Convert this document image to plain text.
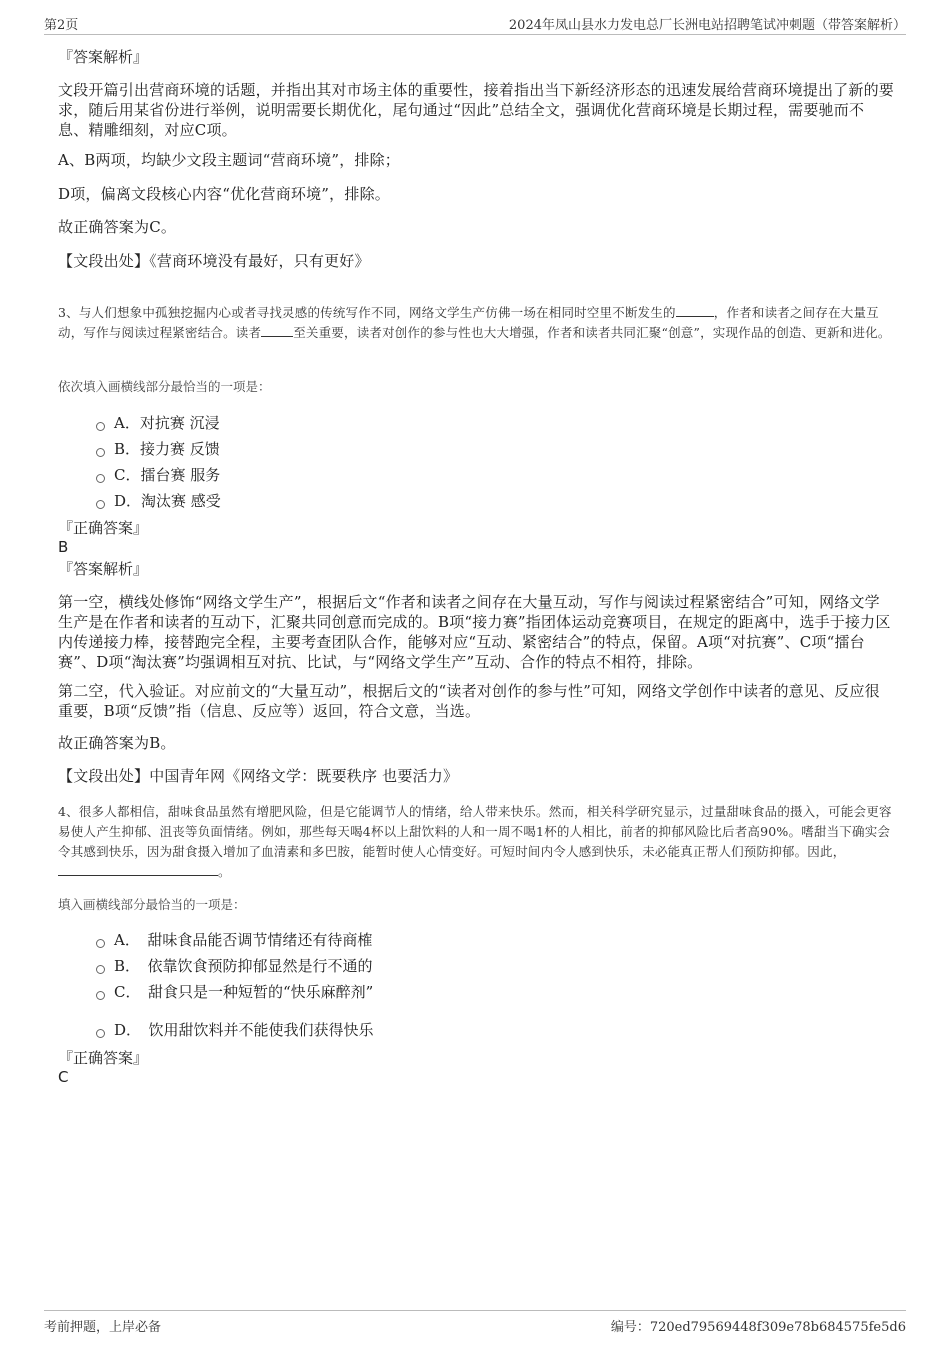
第2页	2024年凤山县水力发电总厂长洲电站招聘笔试冲刺题（带答案解析）
『答案解析』
文段开篇引出营商环境的话题，并指出其对市场主体的重要性，接着指出当下新经济形态的迅速发展给营商环境提出了新的要求，随后用某省份进行举例，说明需要长期优化，尾句通过“因此”总结全文，强调优化营商环境是长期过程，需要驰而不息、精雕细刻，对应C项。
A、B两项，均缺少文段主题词“营商环境”，排除；
D项，偏离文段核心内容“优化营商环境”，排除。
故正确答案为C。
【文段出处】《营商环境没有最好，只有更好》
3、与人们想象中孤独挖掘内心或者寻找灵感的传统写作不同，网络文学生产仿佛一场在相同时空里不断发生的	，作者和读者之间存在大量互动，写作与阅读过程紧密结合。读者	至关重要，读者对创作的参与性也大大增强，作者和读者共同汇聚“创意”，实现作品的创造、更新和进化。
依次填入画横线部分最恰当的一项是：
A．对抗赛 沉浸
B．接力赛 反馈
C．擂台赛 服务
D．淘汰赛 感受
『正确答案』
B
『答案解析』
第一空，横线处修饰“网络文学生产”，根据后文“作者和读者之间存在大量互动，写作与阅读过程紧密结合”可知，网络文学生产是在作者和读者的互动下，汇聚共同创意而完成的。B项“接力赛”指团体运动竞赛项目，在规定的距离中，选手于接力区内传递接力棒，接替跑完全程，主要考查团队合作，能够对应“互动、紧密结合”的特点，保留。A项“对抗赛”、C项“擂台赛”、D项“淘汰赛”均强调相互对抗、比试，与“网络文学生产”互动、合作的特点不相符，排除。
第二空，代入验证。对应前文的“大量互动”，根据后文的“读者对创作的参与性”可知，网络文学创作中读者的意见、反应很重要，B项“反馈”指（信息、反应等）返回，符合文意，当选。
故正确答案为B。
【文段出处】中国青年网《网络文学：既要秩序 也要活力》
4、很多人都相信，甜味食品虽然有增肥风险，但是它能调节人的情绪，给人带来快乐。然而，相关科学研究显示，过量甜味食品的摄入，可能会更容易使人产生抑郁、沮丧等负面情绪。例如，那些每天喝4杯以上甜饮料的人和一周不喝1杯的人相比，前者的抑郁风险比后者高90%。嗜甜当下确实会令其感到快乐，因为甜食摄入增加了血清素和多巴胺，能暂时使人心情变好。可短时间内令人感到快乐，未必能真正帮人们预防抑郁。因此，。
填入画横线部分最恰当的一项是：
A．　甜味食品能否调节情绪还有待商榷
B．　依靠饮食预防抑郁显然是行不通的
C．　甜食只是一种短暂的“快乐麻醉剂”
D．　饮用甜饮料并不能使我们获得快乐
『正确答案』
C
考前押题，上岸必备	编号：720ed79569448f309e78b684575fe5d6
